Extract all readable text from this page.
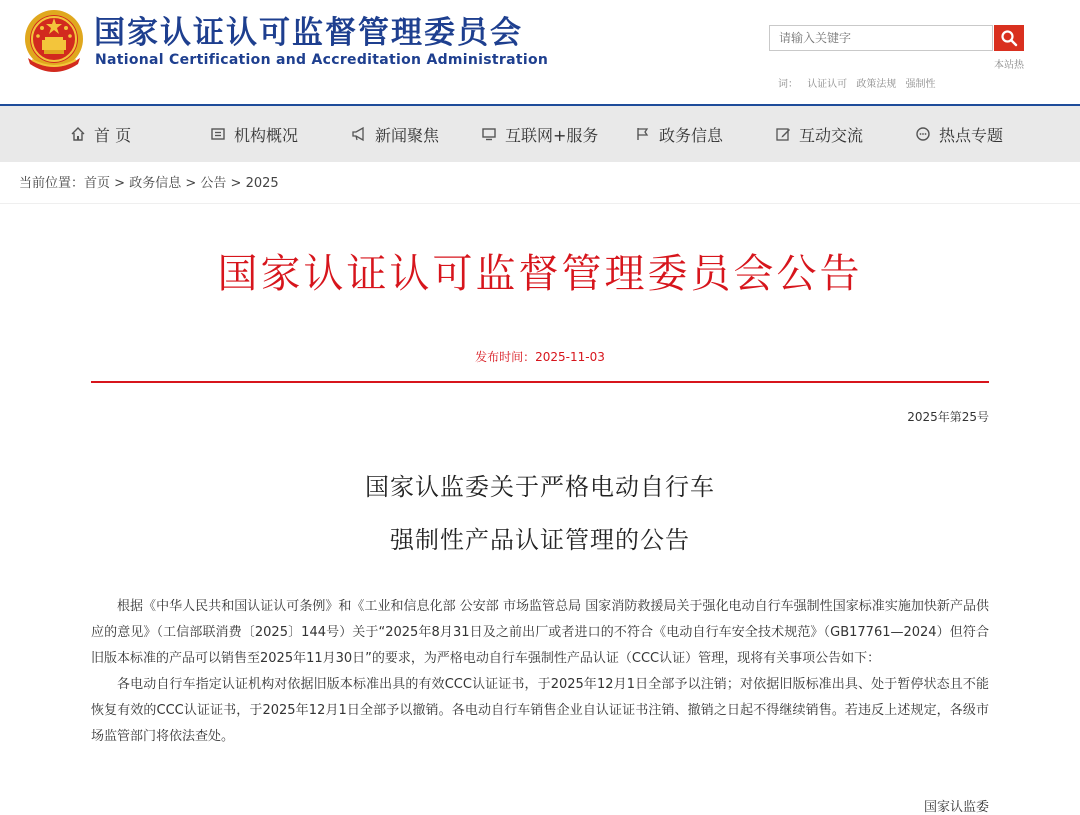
国家认证认可监督管理委员会
National Certification and Accreditation Administration
请输入关键字	本站热
词： 认证认可 政策法规 强制性
首 页	机构概况	新闻聚焦	互联网+服务	政务信息	互动交流	热点专题
当前位置：首页 > 政务信息 > 公告 > 2025
国家认证认可监督管理委员会公告
发布时间：2025-11-03
2025年第25号
国家认监委关于严格电动自行车
强制性产品认证管理的公告

根据《中华人民共和国认证认可条例》和《工业和信息化部 公安部 市场监管总局 国家消防救援局关于强化电动自行车强制性国家标准实施加快新产品供应的意见》（工信部联消费〔2025〕144号）关于“2025年8月31日及之前出厂或者进口的不符合《电动自行车安全技术规范》（GB17761—2024）但符合旧版本标准的产品可以销售至2025年11月30日”的要求，为严格电动自行车强制性产品认证（CCC认证）管理，现将有关事项公告如下：

各电动自行车指定认证机构对依据旧版本标准出具的有效CCC认证证书，于2025年12月1日全部予以注销；对依据旧版标准出具、处于暂停状态且不能恢复有效的CCC认证证书，于2025年12月1日全部予以撤销。各电动自行车销售企业自认证证书注销、撤销之日起不得继续销售。若违反上述规定，各级市场监管部门将依法查处。

国家认监委
